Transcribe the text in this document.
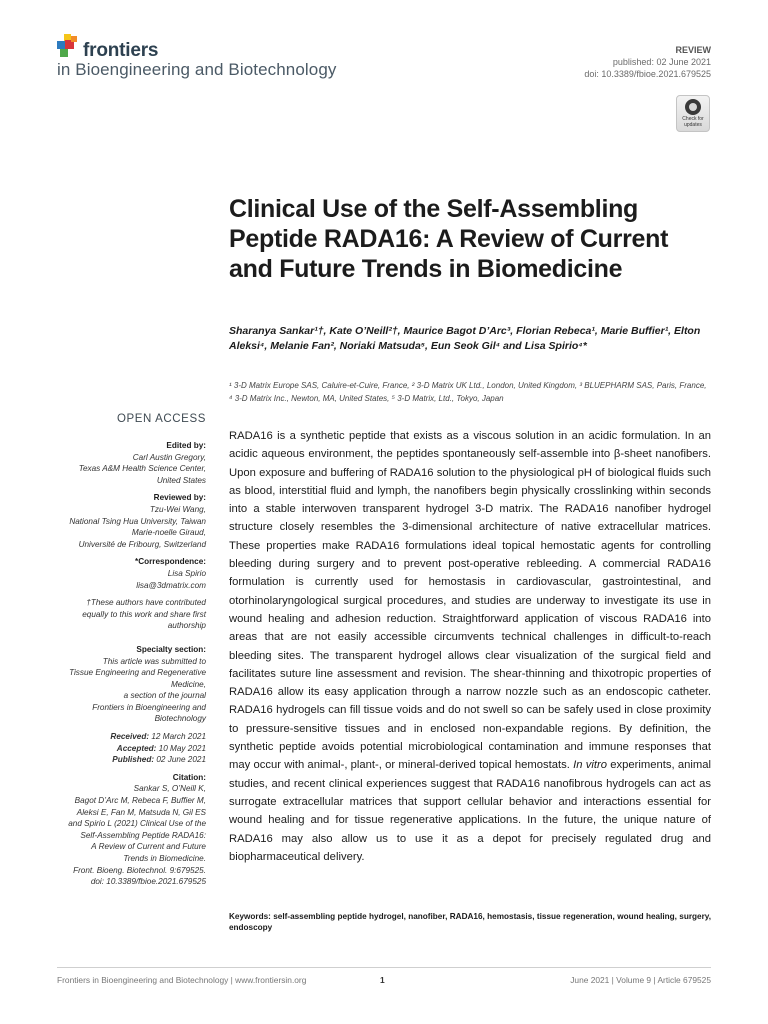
frontiers
in Bioengineering and Biotechnology
REVIEW
published: 02 June 2021
doi: 10.3389/fbioe.2021.679525
Check for updates
Clinical Use of the Self-Assembling Peptide RADA16: A Review of Current and Future Trends in Biomedicine
Sharanya Sankar¹†, Kate O’Neill²†, Maurice Bagot D’Arc³, Florian Rebeca¹, Marie Buffier¹, Elton Aleksi⁴, Melanie Fan², Noriaki Matsuda⁵, Eun Seok Gil⁴ and Lisa Spirio⁴*
¹ 3-D Matrix Europe SAS, Caluire-et-Cuire, France, ² 3-D Matrix UK Ltd., London, United Kingdom, ³ BLUEPHARM SAS, Paris, France, ⁴ 3-D Matrix Inc., Newton, MA, United States, ⁵ 3-D Matrix, Ltd., Tokyo, Japan
OPEN ACCESS
Edited by:
Carl Austin Gregory,
Texas A&M Health Science Center,
United States
Reviewed by:
Tzu-Wei Wang,
National Tsing Hua University, Taiwan
Marie-noelle Giraud,
Université de Fribourg, Switzerland
*Correspondence:
Lisa Spirio
lisa@3dmatrix.com
†These authors have contributed
equally to this work and share first
authorship
Specialty section:
This article was submitted to
Tissue Engineering and Regenerative
Medicine,
a section of the journal
Frontiers in Bioengineering and
Biotechnology
Received: 12 March 2021
Accepted: 10 May 2021
Published: 02 June 2021
Citation:
Sankar S, O’Neill K,
Bagot D’Arc M, Rebeca F, Buffier M,
Aleksi E, Fan M, Matsuda N, Gil ES
and Spirio L (2021) Clinical Use of the
Self-Assembling Peptide RADA16:
A Review of Current and Future
Trends in Biomedicine.
Front. Bioeng. Biotechnol. 9:679525.
doi: 10.3389/fbioe.2021.679525

RADA16 is a synthetic peptide that exists as a viscous solution in an acidic formulation. In an acidic aqueous environment, the peptides spontaneously self-assemble into β-sheet nanofibers. Upon exposure and buffering of RADA16 solution to the physiological pH of biological fluids such as blood, interstitial fluid and lymph, the nanofibers begin physically crosslinking within seconds into a stable interwoven transparent hydrogel 3-D matrix. The RADA16 nanofiber hydrogel structure closely resembles the 3-dimensional architecture of native extracellular matrices. These properties make RADA16 formulations ideal topical hemostatic agents for controlling bleeding during surgery and to prevent post-operative rebleeding. A commercial RADA16 formulation is currently used for hemostasis in cardiovascular, gastrointestinal, and otorhinolaryngological surgical procedures, and studies are underway to investigate its use in wound healing and adhesion reduction. Straightforward application of viscous RADA16 into areas that are not easily accessible circumvents technical challenges in difficult-to-reach bleeding sites. The transparent hydrogel allows clear visualization of the surgical field and facilitates suture line assessment and revision. The shear-thinning and thixotropic properties of RADA16 allow its easy application through a narrow nozzle such as an endoscopic catheter. RADA16 hydrogels can fill tissue voids and do not swell so can be safely used in close proximity to pressure-sensitive tissues and in enclosed non-expandable regions. By definition, the synthetic peptide avoids potential microbiological contamination and immune responses that may occur with animal-, plant-, or mineral-derived topical hemostats. In vitro experiments, animal studies, and recent clinical experiences suggest that RADA16 nanofibrous hydrogels can act as surrogate extracellular matrices that support cellular behavior and interactions essential for wound healing and for tissue regenerative applications. In the future, the unique nature of RADA16 may also allow us to use it as a depot for precisely regulated drug and biopharmaceutical delivery.

Keywords: self-assembling peptide hydrogel, nanofiber, RADA16, hemostasis, tissue regeneration, wound healing, surgery, endoscopy
Frontiers in Bioengineering and Biotechnology | www.frontiersin.org	1	June 2021 | Volume 9 | Article 679525
